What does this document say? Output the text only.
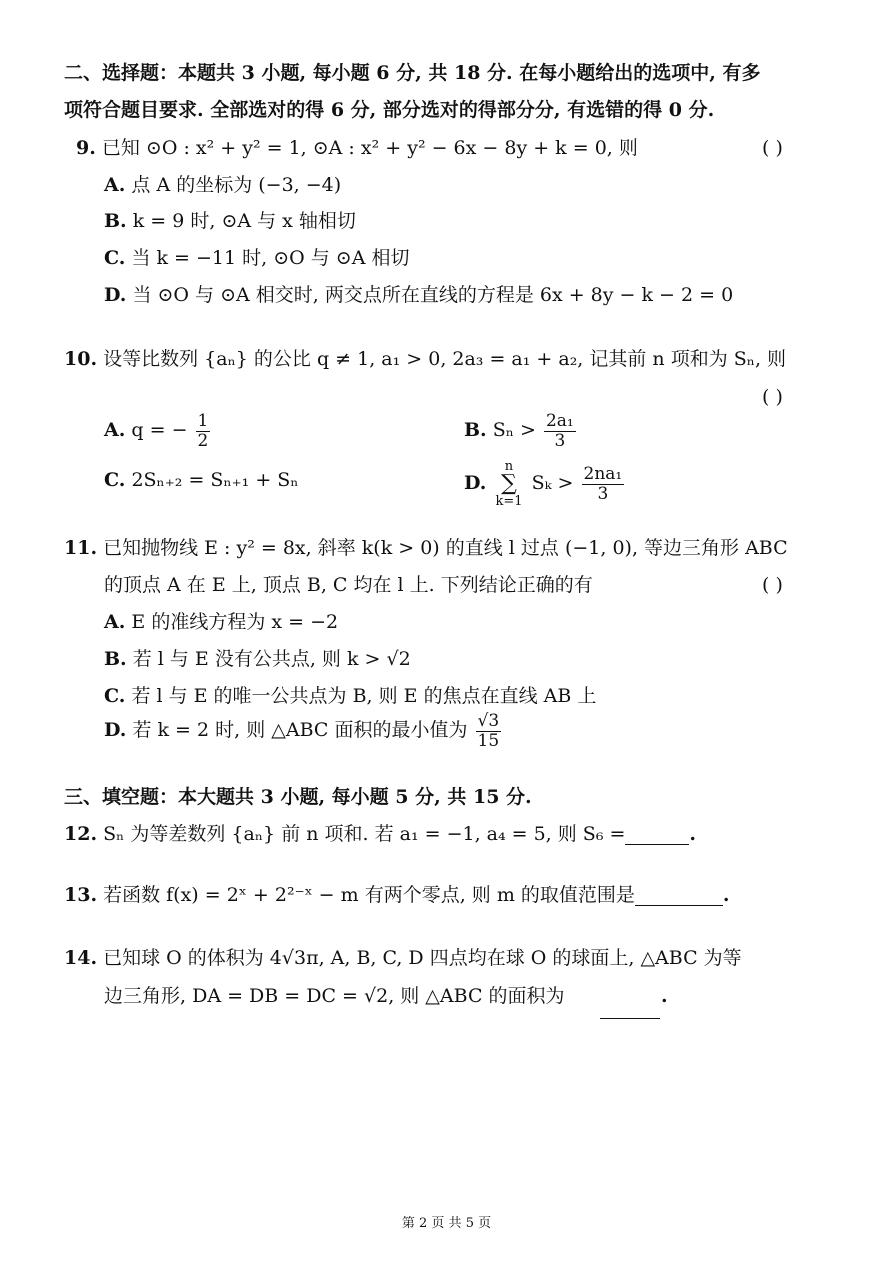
二、选择题：本题共 3 小题, 每小题 6 分, 共 18 分. 在每小题给出的选项中, 有多
项符合题目要求. 全部选对的得 6 分, 部分选对的得部分分, 有选错的得 0 分.
9. 已知 ⊙O : x² + y² = 1, ⊙A : x² + y² − 6x − 8y + k = 0, 则	( )
A. 点 A 的坐标为 (−3, −4)
B. k = 9 时, ⊙A 与 x 轴相切
C. 当 k = −11 时, ⊙O 与 ⊙A 相切
D. 当 ⊙O 与 ⊙A 相交时, 两交点所在直线的方程是 6x + 8y − k − 2 = 0
10. 设等比数列 {aₙ} 的公比 q ≠ 1, a₁ > 0, 2a₃ = a₁ + a₂, 记其前 n 项和为 Sₙ, 则
( )
A. q = − $\frac{1}{2}$	B. $S_n > \frac{\text{2a₁}}{3}$
C. 2Sₙ₊₂ = Sₙ₊₁ + Sₙ	D.
n
∑
k=1
$S_k > \frac{\text{2na₁}}{3}$
11. 已知抛物线 E : y² = 8x, 斜率 k(k > 0) 的直线 l 过点 (−1, 0), 等边三角形 ABC
的顶点 A 在 E 上, 顶点 B, C 均在 l 上. 下列结论正确的有	( )
A. E 的准线方程为 x = −2
B. 若 l 与 E 没有公共点, 则 k > √2
C. 若 l 与 E 的唯一公共点为 B, 则 E 的焦点在直线 AB 上
D. 若 k = 2 时, 则 △ABC 面积的最小值为 $\frac{√3}{15}$
三、填空题：本大题共 3 小题, 每小题 5 分, 共 15 分.
12. Sₙ 为等差数列 {aₙ} 前 n 项和. 若 a₁ = −1, a₄ = 5, 则 S₆ =	.
13. 若函数 f(x) = 2ˣ + 2²⁻ˣ − m 有两个零点, 则 m 的取值范围是	.
14. 已知球 O 的体积为 4√3π, A, B, C, D 四点均在球 O 的球面上, △ABC 为等
边三角形, DA = DB = DC = √2, 则 △ABC 的面积为	.
第 2 页 共 5 页
